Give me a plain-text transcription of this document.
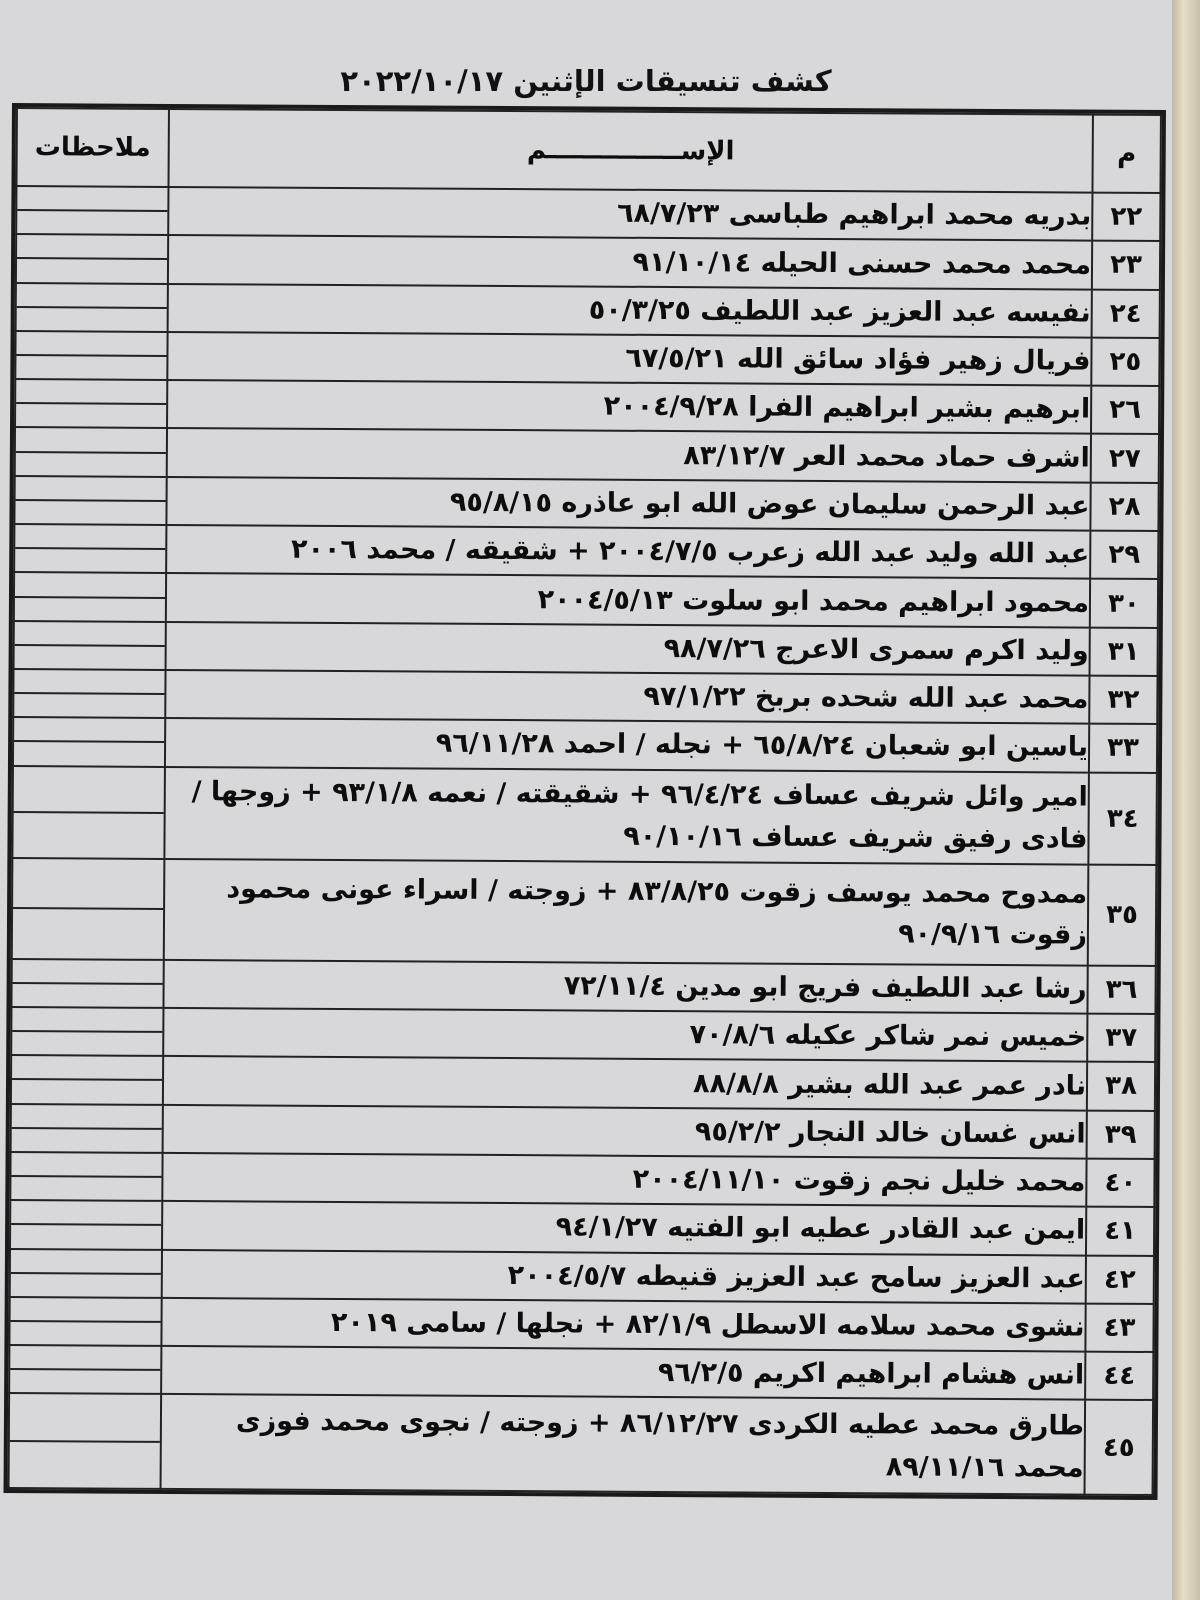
كشف تنسيقات الإثنين ٢٠٢٢/١٠/١٧
م	الإســـــــــــــــم	ملاحظات
٢٢	بدريه محمد ابراهيم طباسى ٦٨/٧/٢٣	
٢٣	محمد محمد حسنى الحيله ٩١/١٠/١٤	
٢٤	نفيسه عبد العزيز عبد اللطيف ٥٠/٣/٢٥	
٢٥	فريال زهير فؤاد سائق الله ٦٧/٥/٢١	
٢٦	ابرهيم بشير ابراهيم الفرا ٢٠٠٤/٩/٢٨	
٢٧	اشرف حماد محمد العر ٨٣/١٢/٧	
٢٨	عبد الرحمن سليمان عوض الله ابو عاذره ٩٥/٨/١٥	
٢٩	عبد الله وليد عبد الله زعرب ٢٠٠٤/٧/٥ + شقيقه / محمد ٢٠٠٦	
٣٠	محمود ابراهيم محمد ابو سلوت ٢٠٠٤/٥/١٣	
٣١	وليد اكرم سمرى الاعرج ٩٨/٧/٢٦	
٣٢	محمد عبد الله شحده بربخ ٩٧/١/٢٢	
٣٣	ياسين ابو شعبان ٦٥/٨/٢٤ + نجله / احمد ٩٦/١١/٢٨	
٣٤	امير وائل شريف عساف ٩٦/٤/٢٤ + شقيقته / نعمه ٩٣/١/٨ + زوجها / فادى رفيق شريف عساف ٩٠/١٠/١٦	
٣٥	ممدوح محمد يوسف زقوت ٨٣/٨/٢٥ + زوجته / اسراء عونى محمود زقوت ٩٠/٩/١٦	
٣٦	رشا عبد اللطيف فريج ابو مدين ٧٢/١١/٤	
٣٧	خميس نمر شاكر عكيله ٧٠/٨/٦	
٣٨	نادر عمر عبد الله بشير ٨٨/٨/٨	
٣٩	انس غسان خالد النجار ٩٥/٢/٢	
٤٠	محمد خليل نجم زقوت ٢٠٠٤/١١/١٠	
٤١	ايمن عبد القادر عطيه ابو الفتيه ٩٤/١/٢٧	
٤٢	عبد العزيز سامح عبد العزيز قنيطه ٢٠٠٤/٥/٧	
٤٣	نشوى محمد سلامه الاسطل ٨٢/١/٩ + نجلها / سامى ٢٠١٩	
٤٤	انس هشام ابراهيم اكريم ٩٦/٢/٥	
٤٥	طارق محمد عطيه الكردى ٨٦/١٢/٢٧ + زوجته / نجوى محمد فوزى محمد ٨٩/١١/١٦	
